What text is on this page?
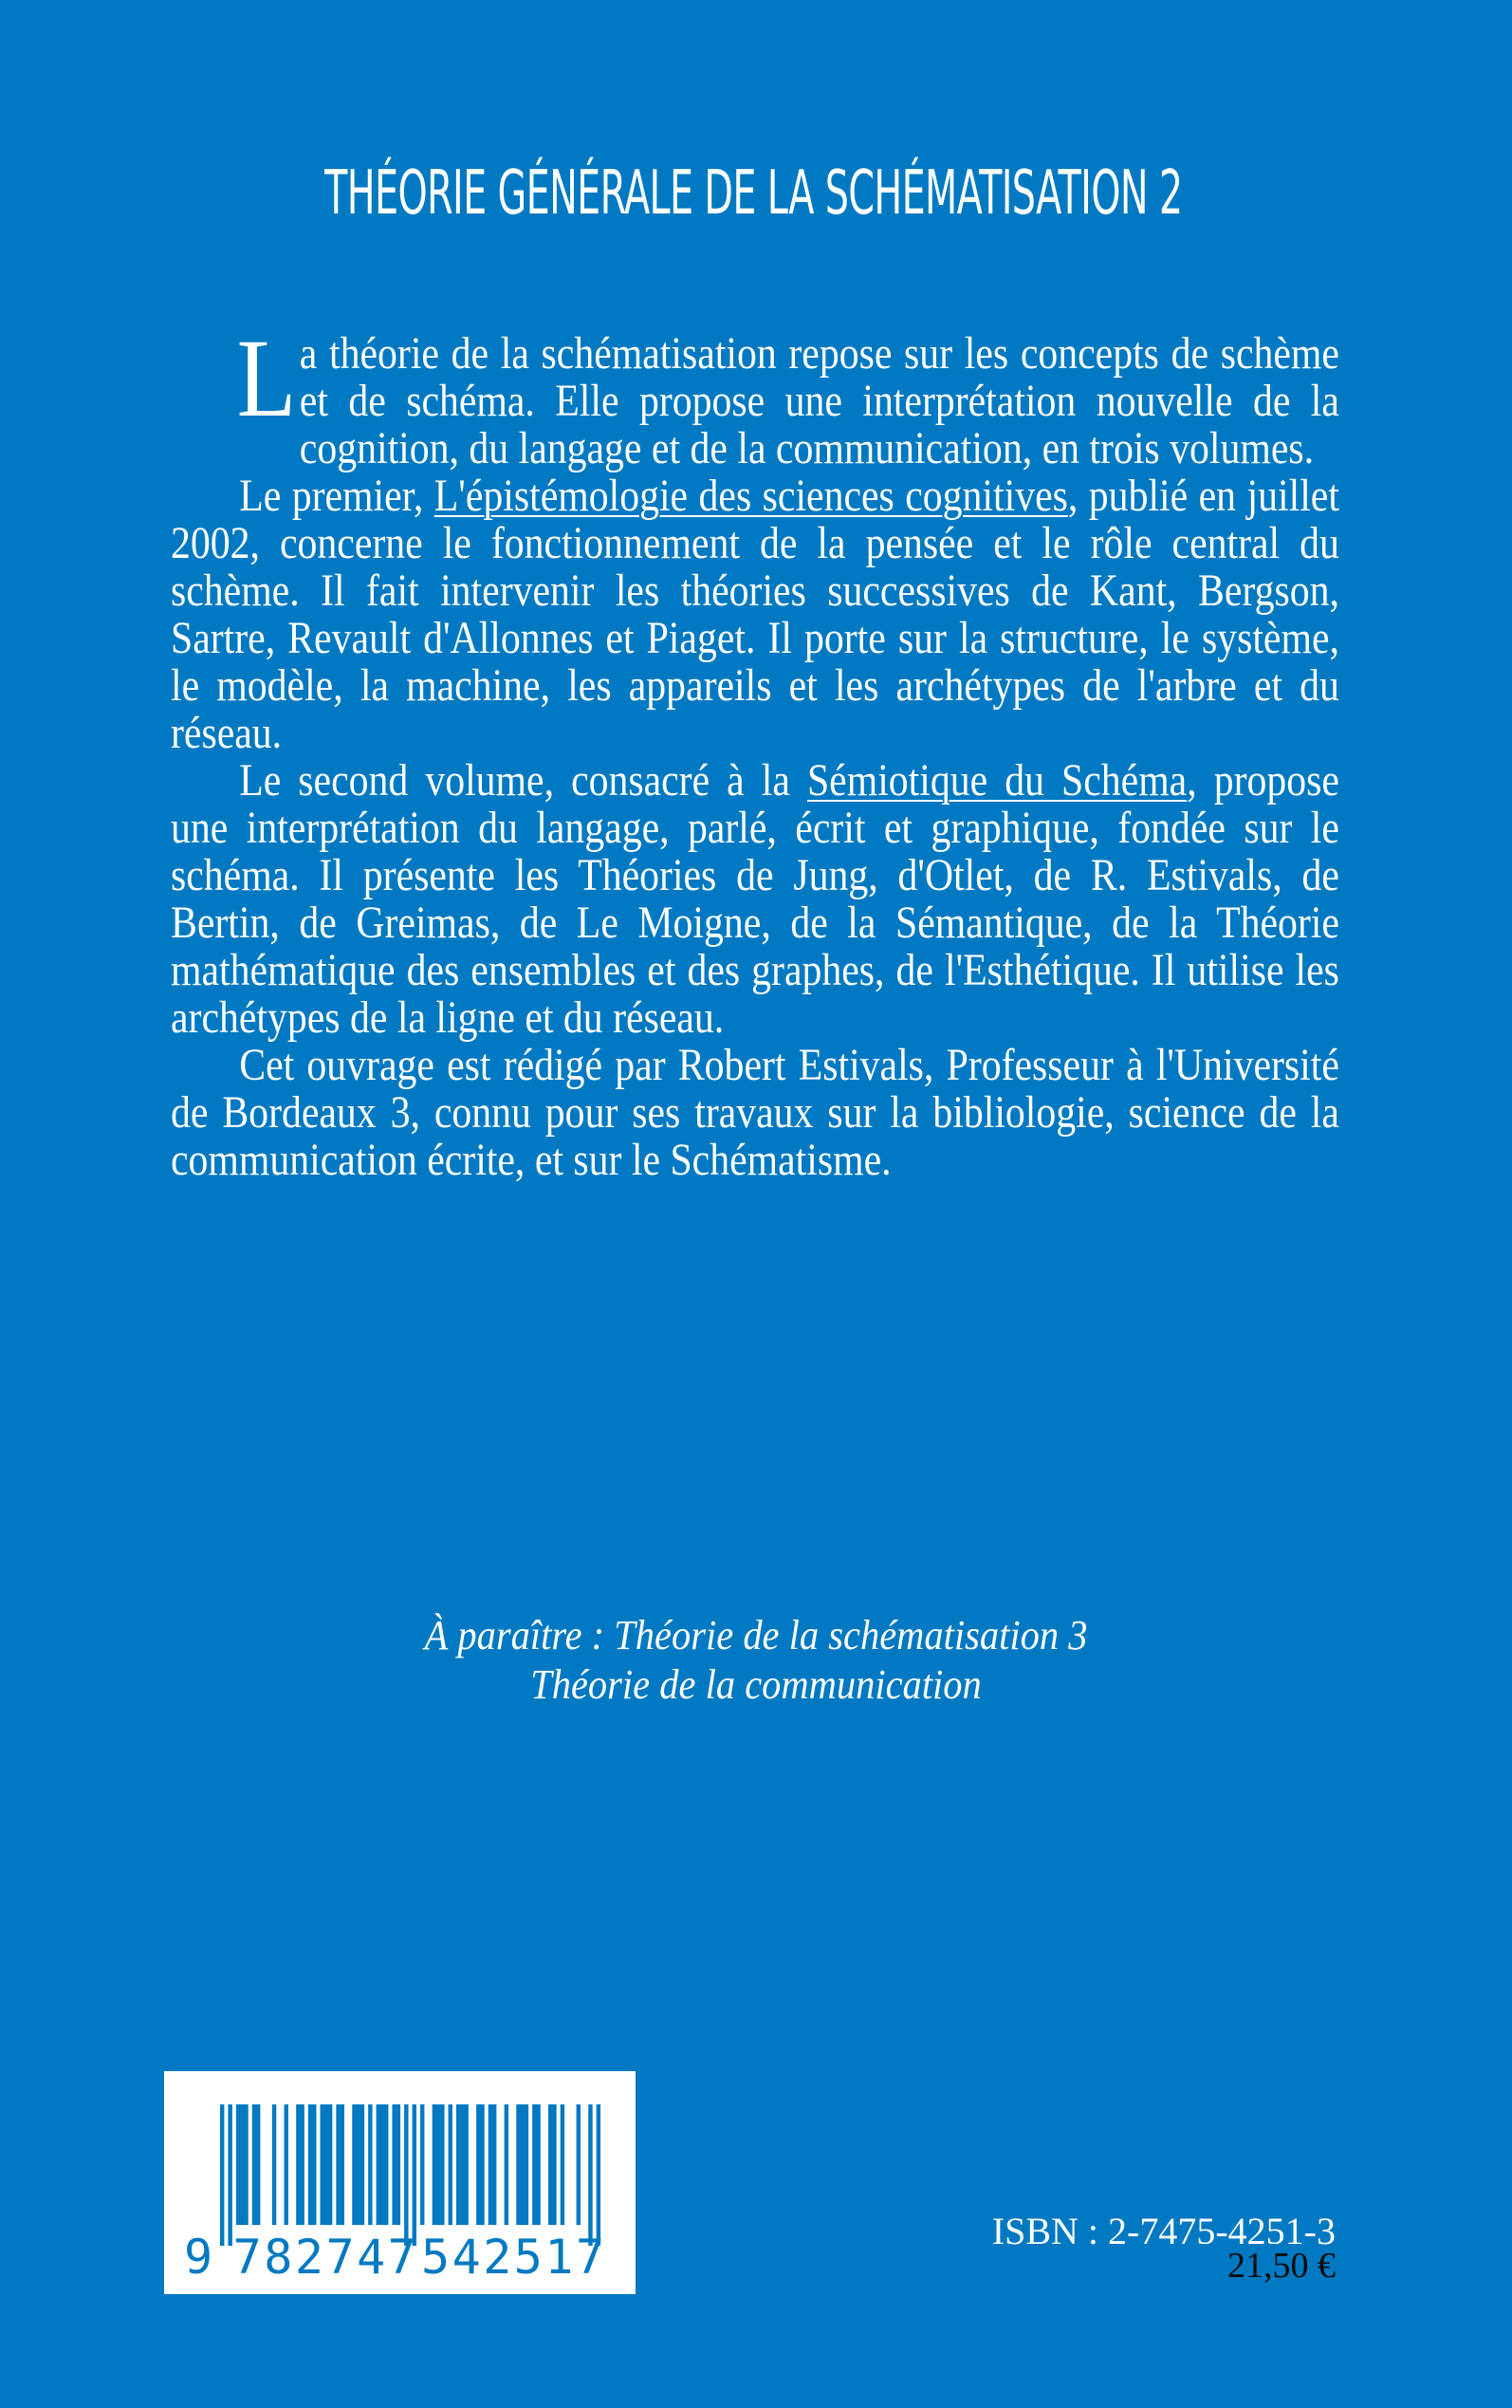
THÉORIE GÉNÉRALE DE LA SCHÉMATISATION 2

La théorie de la schématisation repose sur les concepts de schème et de schéma. Elle propose une interprétation nouvelle de la cognition, du langage et de la communication, en trois volumes.

Le premier, L'épistémologie des sciences cognitives, publié en juillet 2002, concerne le fonctionnement de la pensée et le rôle central du schème. Il fait intervenir les théories successives de Kant, Bergson, Sartre, Revault d'Allonnes et Piaget. Il porte sur la structure, le système, le modèle, la machine, les appareils et les archétypes de l'arbre et du réseau.

Le second volume, consacré à la Sémiotique du Schéma, propose une interprétation du langage, parlé, écrit et graphique, fondée sur le schéma. Il présente les Théories de Jung, d'Otlet, de R. Estivals, de Bertin, de Greimas, de Le Moigne, de la Sémantique, de la Théorie mathématique des ensembles et des graphes, de l'Esthétique. Il utilise les archétypes de la ligne et du réseau.

Cet ouvrage est rédigé par Robert Estivals, Professeur à l'Université de Bordeaux 3, connu pour ses travaux sur la bibliologie, science de la communication écrite, et sur le Schématisme.

À paraître : Théorie de la schématisation 3
Théorie de la communication
9 782747 542517	ISBN : 2-7475-4251-3
21,50 €
